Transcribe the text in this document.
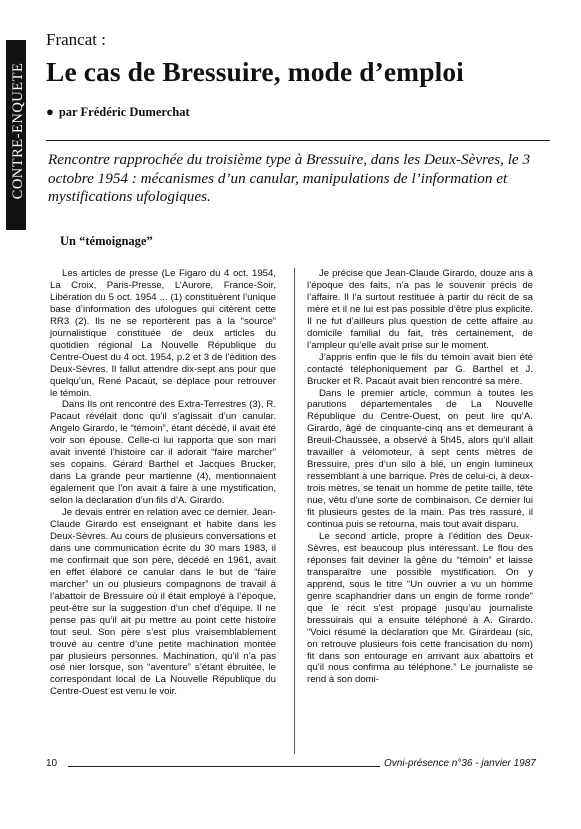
CONTRE-ENQUETE
Francat :
Le cas de Bressuire, mode d’emploi
● par Frédéric Dumerchat
Rencontre rapprochée du troisième type à Bressuire, dans les Deux-Sèvres, le 3 octobre 1954 : mécanismes d’un canular, manipulations de l’information et mystifications ufologiques.
Un “témoignage”

Les articles de presse (Le Figaro du 4 oct. 1954, La Croix, Paris-Presse, L’Aurore, France-Soir, Libération du 5 oct. 1954 ... (1) constituèrent l’unique base d’information des ufologues qui citèrent cette RR3 (2). Ils ne se reportèrent pas à la “source” journalistique constituée de deux articles du quotidien régional La Nouvelle République du Centre-Ouest du 4 oct. 1954, p.2 et 3 de l’édition des Deux-Sèvres. Il fallut attendre dix-sept ans pour que quelqu’un, René Pacaut, se déplace pour retrouver le témoin.

Dans Ils ont rencontré des Extra-Terrestres (3), R. Pacaut révélait donc qu’il s’agissait d’un canular. Angelo Girardo, le “témoin”, étant décédé, il avait été voir son épouse. Celle-ci lui rapporta que son mari avait inventé l’histoire car il adorait “faire marcher” ses copains. Gérard Barthel et Jacques Brucker, dans La grande peur martienne (4), mentionnaient également que l’on avait à faire à une mystification, selon la déclaration d’un fils d’A. Girardo.

Je devais entrer en relation avec ce dernier. Jean-Claude Girardo est enseignant et habite dans les Deux-Sèvres. Au cours de plusieurs conversations et dans une communication écrite du 30 mars 1983, il me confirmait que son père, décédé en 1961, avait en effet élaboré ce canular dans le but de “faire marcher” un ou plusieurs compagnons de travail à l’abattoir de Bressuire où il était employé à l’époque, peut-être sur la suggestion d’un chef d’équipe. Il ne pense pas qu’il ait pu mettre au point cette histoire tout seul. Son père s’est plus vraisemblablement trouvé au centre d’une petite machination montée par plusieurs personnes. Machination, qu’il n’a pas osé nier lorsque, son “aventure” s’étant ébruitée, le correspondant local de La Nouvelle République du Centre-Ouest est venu le voir.

Je précise que Jean-Claude Girardo, douze ans à l’époque des faits, n’a pas le souvenir précis de l’affaire. Il l’a surtout restituée à partir du récit de sa mère et il ne lui est pas possible d’être plus explicite. Il ne fut d’ailleurs plus question de cette affaire au domicile familial du fait, très certainement, de l’ampleur qu’elle avait prise sur le moment.

J’appris enfin que le fils du témoin avait bien été contacté téléphoniquement par G. Barthel et J. Brucker et R. Pacaut avait bien rencontré sa mère.

Dans le premier article, commun à toutes les parutions départementales de La Nouvelle République du Centre-Ouest, on peut lire qu’A. Girardo, âgé de cinquante-cinq ans et demeurant à Breuil-Chaussée, a observé à 5h45, alors qu’il allait travailler à vélomoteur, à sept cents mètres de Bressuire, près d’un silo à blé, un engin lumineux ressemblant à une barrique. Près de celui-ci, à deux-trois mètres, se tenait un homme de petite taille, tête nue, vêtu d’une sorte de combinaison. Ce dernier lui fit plusieurs gestes de la main. Pas très rassuré, il continua puis se retourna, mais tout avait disparu.

Le second article, propre à l’édition des Deux-Sèvres, est beaucoup plus intéressant. Le flou des réponses fait deviner la gêne du “témoin” et laisse transparaître une possible mystification. On y apprend, sous le titre “Un ouvrier a vu un homme genre scaphandrier dans un engin de forme ronde” que le récit s’est propagé jusqu’au journaliste bressuirais qui a ensuite téléphoné à A. Girardo. “Voici résumé la déclaration que Mr. Girardeau (sic, on retrouve plusieurs fois cette francisation du nom) fit dans son entourage en arrivant aux abattoirs et qu’il nous confirma au téléphone.” Le journaliste se rend à son domi-

10	Ovni-présence n°36 - janvier 1987
